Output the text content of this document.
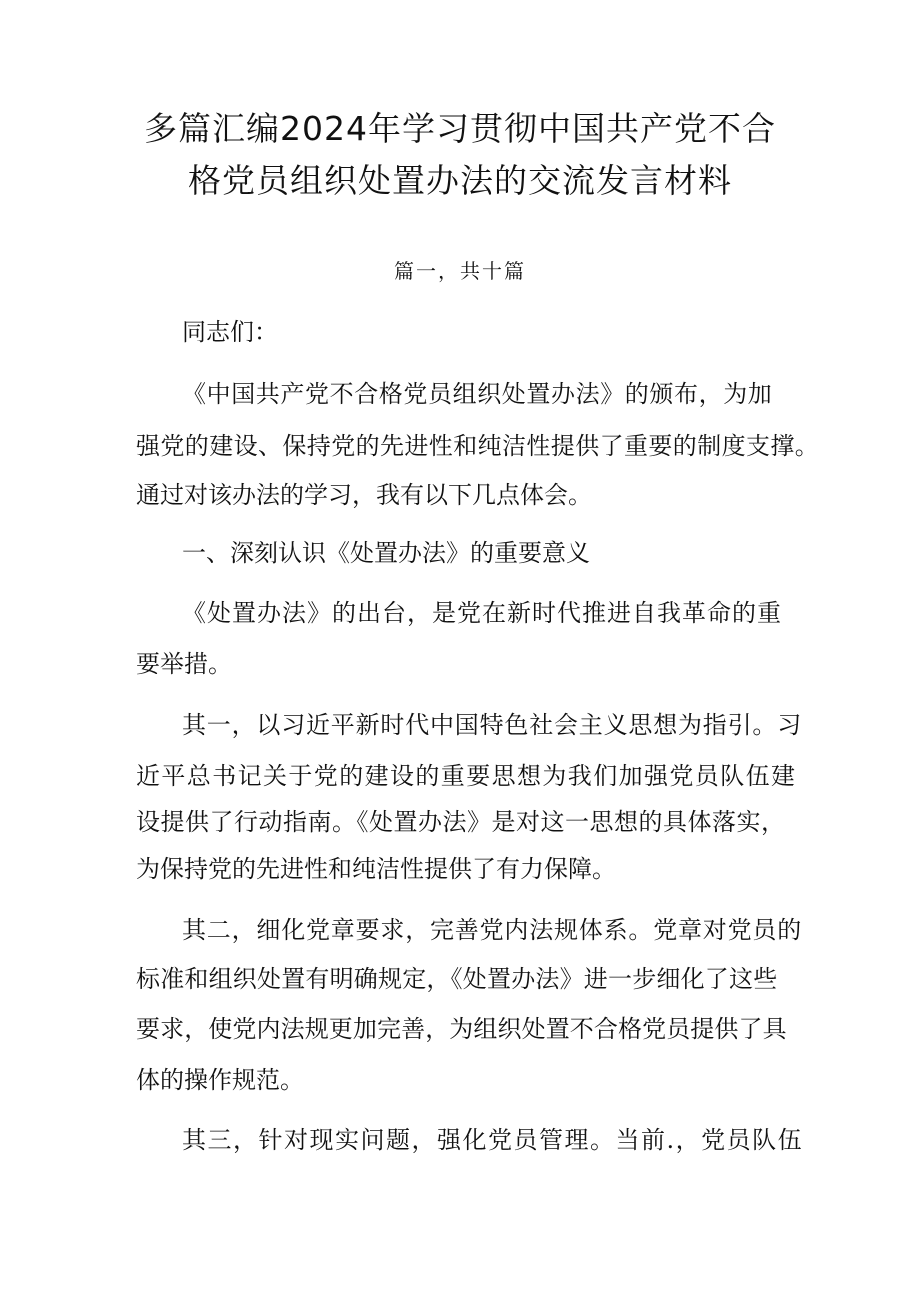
多篇汇编2024年学习贯彻中国共产党不合
格党员组织处置办法的交流发言材料
篇一，共十篇
同志们：
《中国共产党不合格党员组织处置办法》的颁布，为加
强党的建设、保持党的先进性和纯洁性提供了重要的制度支撑。
通过对该办法的学习，我有以下几点体会。
一、深刻认识《处置办法》的重要意义
《处置办法》的出台，是党在新时代推进自我革命的重
要举措。
其一，以习近平新时代中国特色社会主义思想为指引。习
近平总书记关于党的建设的重要思想为我们加强党员队伍建
设提供了行动指南。《处置办法》是对这一思想的具体落实，
为保持党的先进性和纯洁性提供了有力保障。
其二，细化党章要求，完善党内法规体系。党章对党员的
标准和组织处置有明确规定，《处置办法》进一步细化了这些
要求，使党内法规更加完善，为组织处置不合格党员提供了具
体的操作规范。
其三，针对现实问题，强化党员管理。当前.，党员队伍
